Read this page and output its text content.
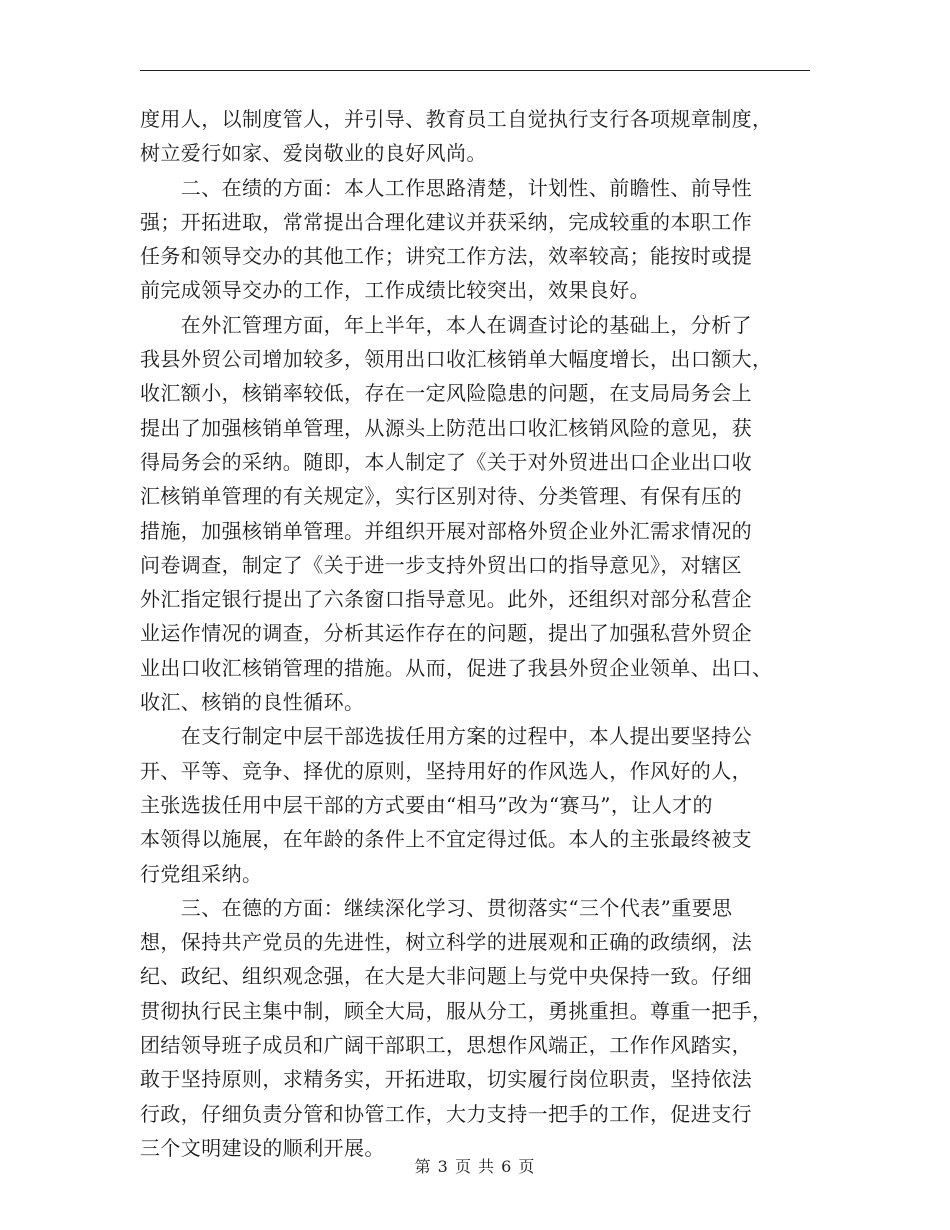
度用人，以制度管人，并引导、教育员工自觉执行支行各项规章制度，
树立爱行如家、爱岗敬业的良好风尚。
　　二、在绩的方面：本人工作思路清楚，计划性、前瞻性、前导性
强；开拓进取，常常提出合理化建议并获采纳，完成较重的本职工作
任务和领导交办的其他工作；讲究工作方法，效率较高；能按时或提
前完成领导交办的工作，工作成绩比较突出，效果良好。
　　在外汇管理方面，年上半年，本人在调查讨论的基础上，分析了
我县外贸公司增加较多，领用出口收汇核销单大幅度增长，出口额大，
收汇额小，核销率较低，存在一定风险隐患的问题，在支局局务会上
提出了加强核销单管理，从源头上防范出口收汇核销风险的意见，获
得局务会的采纳。随即，本人制定了《关于对外贸进出口企业出口收
汇核销单管理的有关规定》，实行区别对待、分类管理、有保有压的
措施，加强核销单管理。并组织开展对部格外贸企业外汇需求情况的
问卷调查，制定了《关于进一步支持外贸出口的指导意见》，对辖区
外汇指定银行提出了六条窗口指导意见。此外，还组织对部分私营企
业运作情况的调查，分析其运作存在的问题，提出了加强私营外贸企
业出口收汇核销管理的措施。从而，促进了我县外贸企业领单、出口、
收汇、核销的良性循环。
　　在支行制定中层干部选拔任用方案的过程中，本人提出要坚持公
开、平等、竞争、择优的原则，坚持用好的作风选人，作风好的人，
主张选拔任用中层干部的方式要由“相马”改为“赛马”，让人才的
本领得以施展，在年龄的条件上不宜定得过低。本人的主张最终被支
行党组采纳。
　　三、在德的方面：继续深化学习、贯彻落实“三个代表”重要思
想，保持共产党员的先进性，树立科学的进展观和正确的政绩纲，法
纪、政纪、组织观念强，在大是大非问题上与党中央保持一致。仔细
贯彻执行民主集中制，顾全大局，服从分工，勇挑重担。尊重一把手，
团结领导班子成员和广阔干部职工，思想作风端正，工作作风踏实，
敢于坚持原则，求精务实，开拓进取，切实履行岗位职责，坚持依法
行政，仔细负责分管和协管工作，大力支持一把手的工作，促进支行
三个文明建设的顺利开展。
第 3 页 共 6 页
